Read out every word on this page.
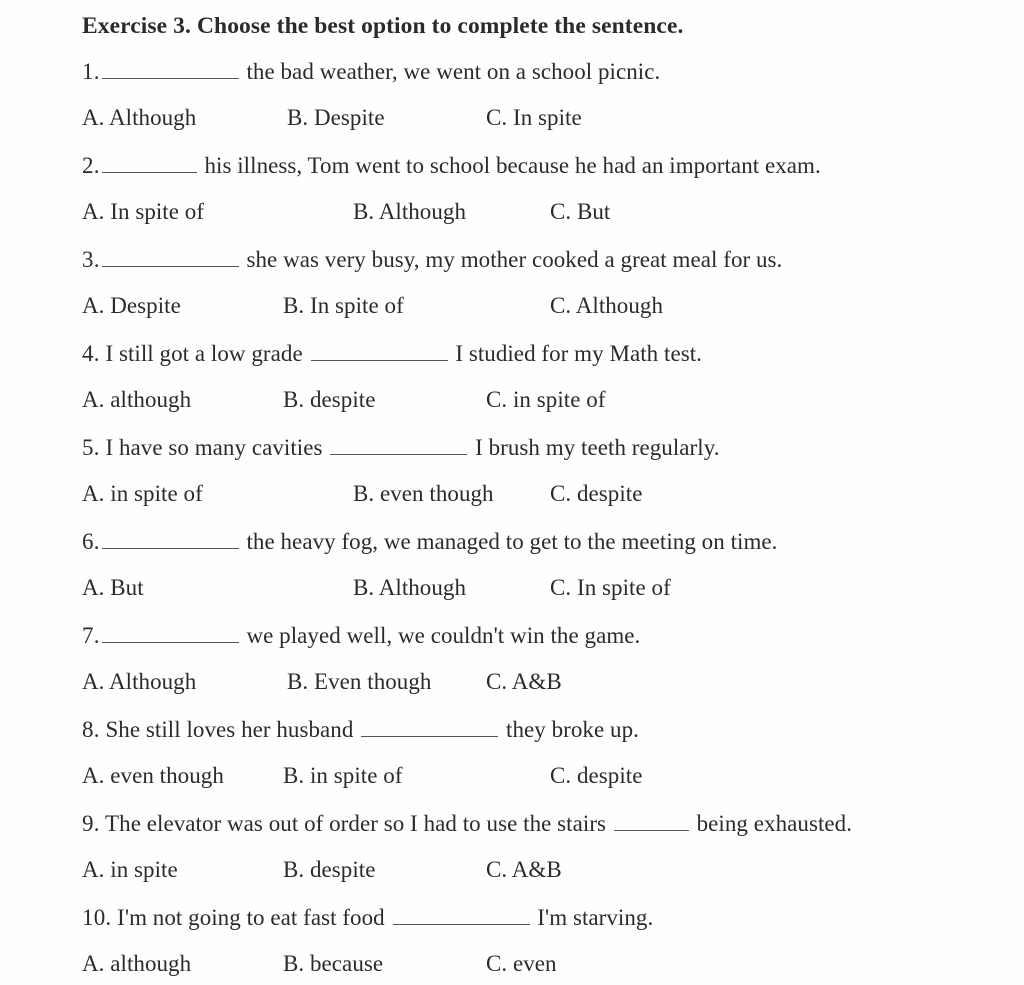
Exercise 3. Choose the best option to complete the sentence.
1.	the bad weather, we went on a school picnic.
A. Although	B. Despite	C. In spite
2.	his illness, Tom went to school because he had an important exam.
A. In spite of	B. Although	C. But
3.	she was very busy, my mother cooked a great meal for us.
A. Despite	B. In spite of	C. Although
4. I still got a low grade	I studied for my Math test.
A. although	B. despite	C. in spite of
5. I have so many cavities	I brush my teeth regularly.
A. in spite of	B. even though C. despite
6.	the heavy fog, we managed to get to the meeting on time.
A. But	B. Although	C. In spite of
7.	we played well, we couldn't win the game.
A. Although	B. Even though C. A&B
8. She still loves her husband	they broke up.
A. even though	B. in spite of	C. despite
9. The elevator was out of order so I had to use the stairs	being exhausted.
A. in spite	B. despite	C. A&B
10. I'm not going to eat fast food	I'm starving.
A. although	B. because	C. even
